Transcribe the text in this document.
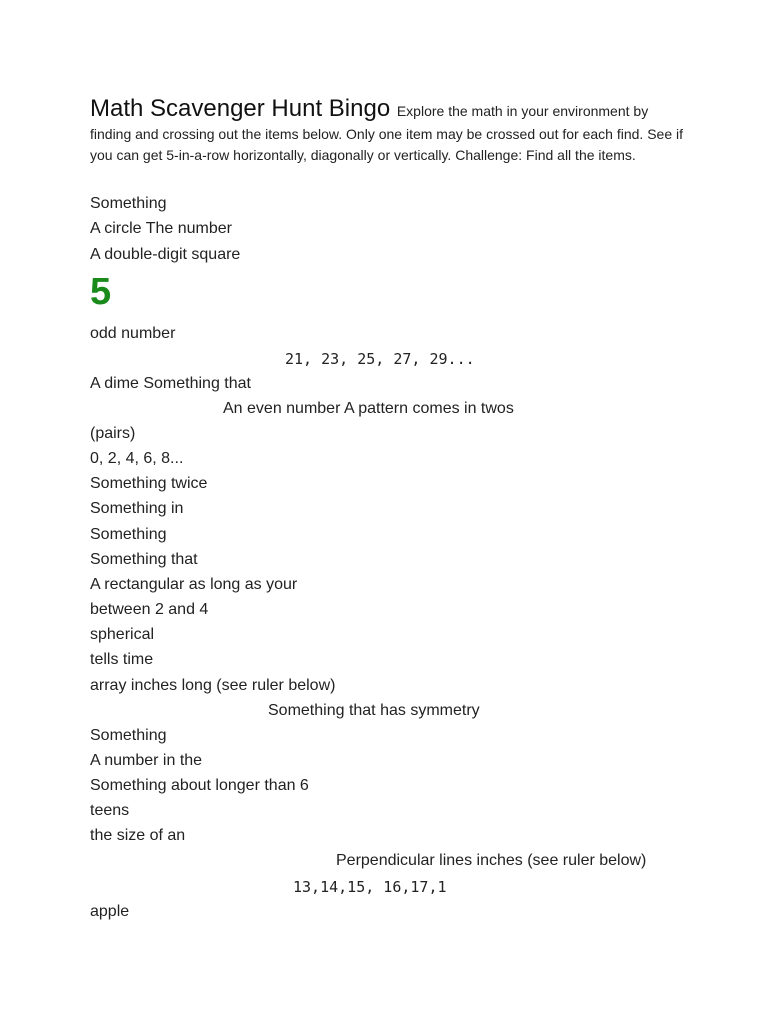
Math Scavenger Hunt Bingo Explore the math in your environment by finding and crossing out the items below. Only one item may be crossed out for each find. See if you can get 5-in-a-row horizontally, diagonally or vertically. Challenge: Find all the items.
Something
A circle The number
A double-digit square
5
odd number
21, 23, 25, 27, 29...
A dime Something that
An even number A pattern comes in twos
(pairs)
0, 2, 4, 6, 8...
Something twice
Something in
Something
Something that
A rectangular as long as your
between 2 and 4
spherical
tells time
array inches long (see ruler below)
Something that has symmetry
Something
A number in the
Something about longer than 6
teens
the size of an
Perpendicular lines inches (see ruler below)
13,14,15, 16,17,1
apple
